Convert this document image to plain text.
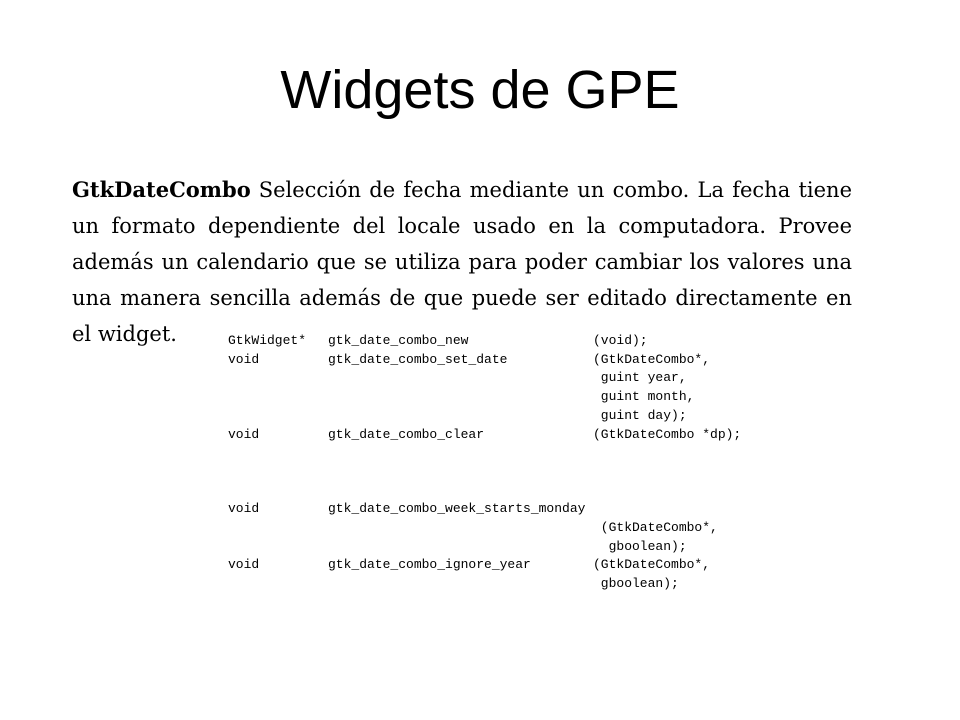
Widgets de GPE

GtkDateCombo Selección de fecha mediante un combo. La fecha tiene un formato dependiente del locale usado en la computadora. Provee además un calendario que se utiliza para poder cambiar los valores una una manera sencilla además de que puede ser editado directamente en el widget.	GtkWidget*	gtk_date_combo_new	(void);
void	gtk_date_combo_set_date	(GtkDateCombo*,
		guint year,
		guint month,
		guint day);
void	gtk_date_combo_clear	(GtkDateCombo *dp);

void	gtk_date_combo_week_starts_monday	
		(GtkDateCombo*,
		gboolean);
void	gtk_date_combo_ignore_year	(GtkDateCombo*,
		gboolean);
